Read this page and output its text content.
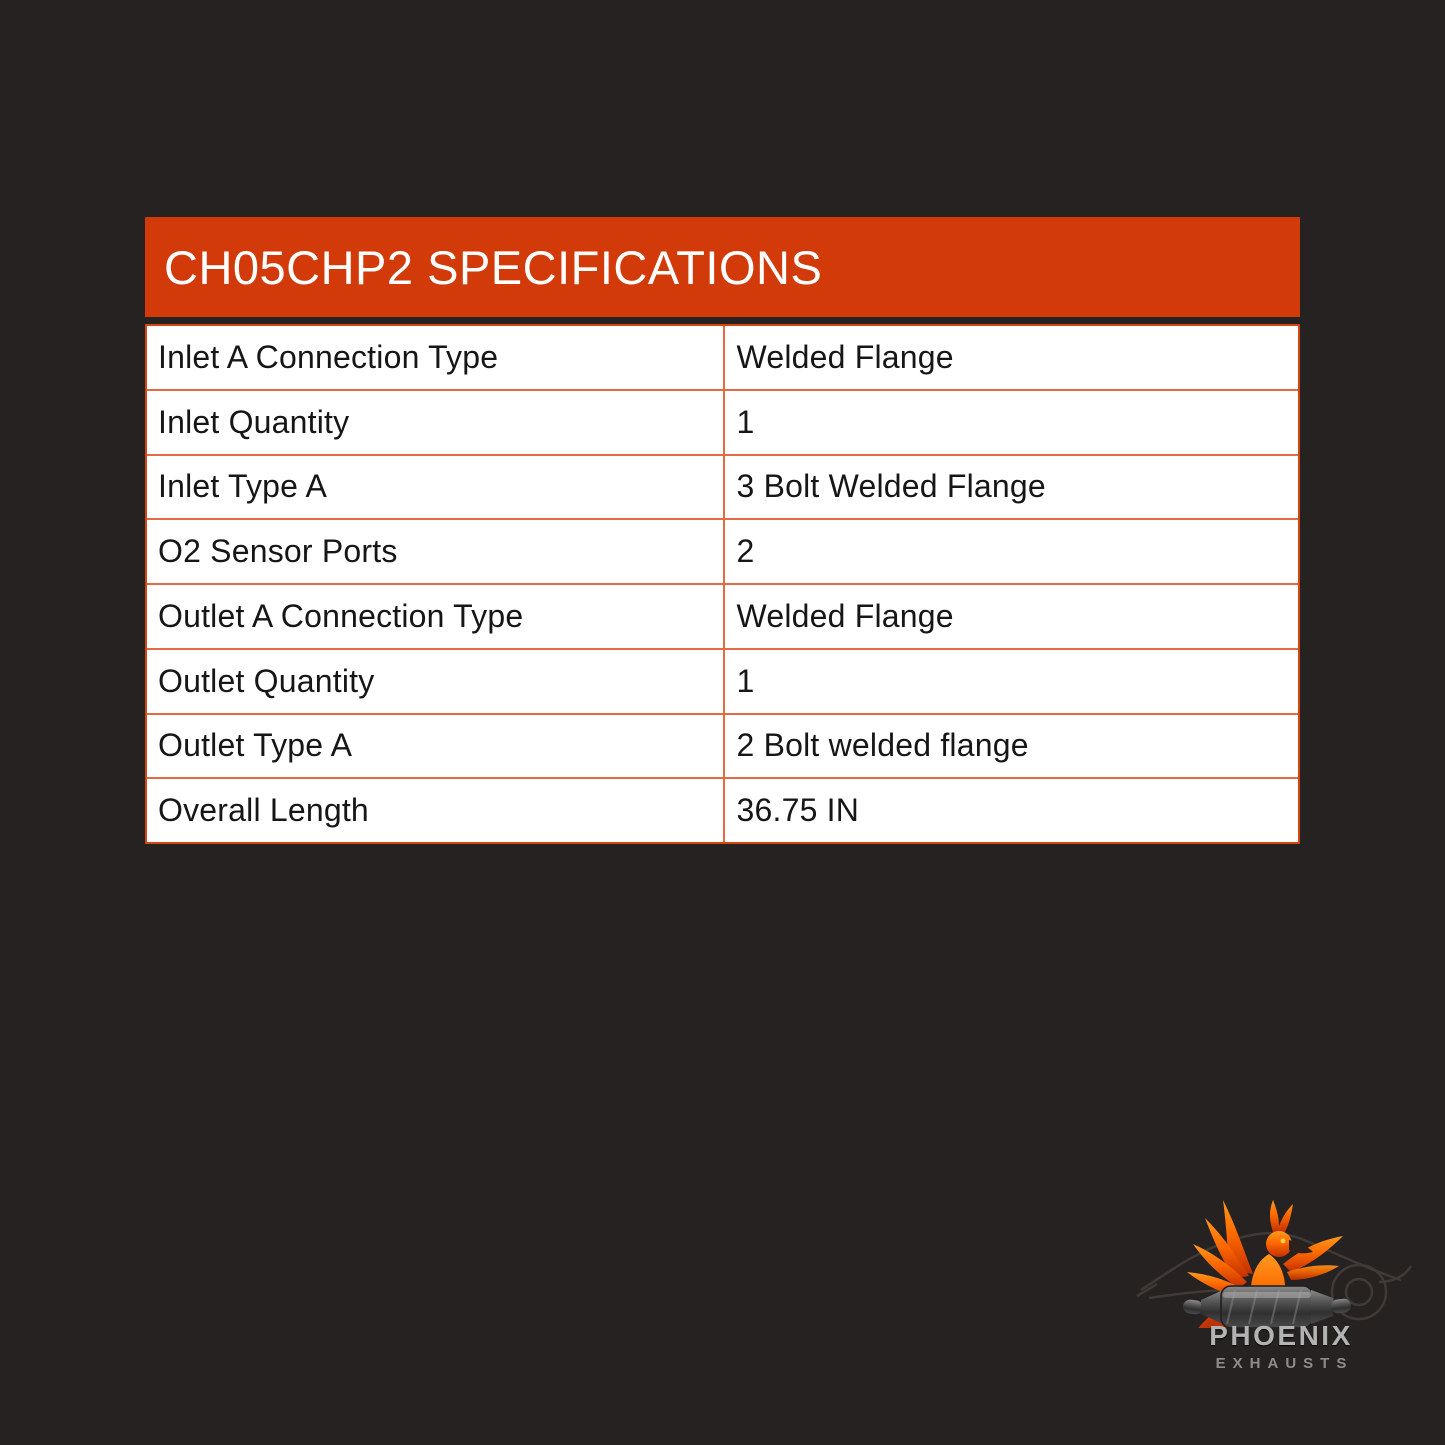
CH05CHP2 SPECIFICATIONS
Inlet A Connection Type	Welded Flange
Inlet Quantity	1
Inlet Type A	3 Bolt Welded Flange
O2 Sensor Ports	2
Outlet A Connection Type	Welded Flange
Outlet Quantity	1
Outlet Type A	2 Bolt welded flange
Overall Length	36.75 IN
PHOENIX
EXHAUSTS
